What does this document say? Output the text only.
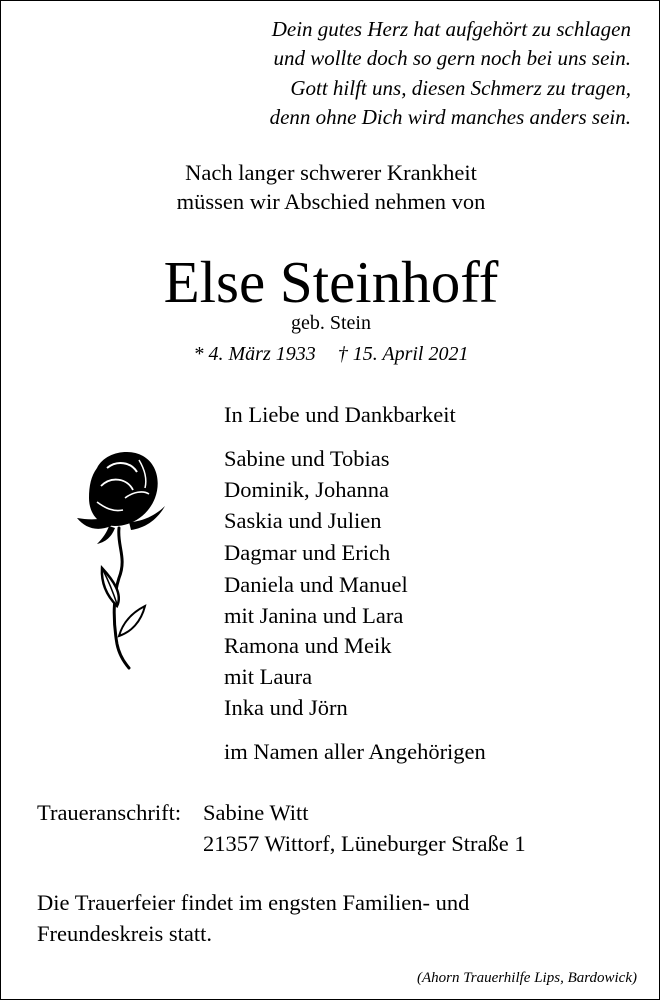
Dein gutes Herz hat aufgehört zu schlagen
und wollte doch so gern noch bei uns sein.
Gott hilft uns, diesen Schmerz zu tragen,
denn ohne Dich wird manches anders sein.
Nach langer schwerer Krankheit
müssen wir Abschied nehmen von
Else Steinhoff
geb. Stein
* 4. März 1933 † 15. April 2021
In Liebe und Dankbarkeit
Sabine und Tobias
Dominik, Johanna
Saskia und Julien
Dagmar und Erich
Daniela und Manuel
mit Janina und Lara
Ramona und Meik
mit Laura
Inka und Jörn
im Namen aller Angehörigen
Traueranschrift: Sabine Witt
21357 Wittorf, Lüneburger Straße 1
Die Trauerfeier findet im engsten Familien- und
Freundeskreis statt.
(Ahorn Trauerhilfe Lips, Bardowick)
